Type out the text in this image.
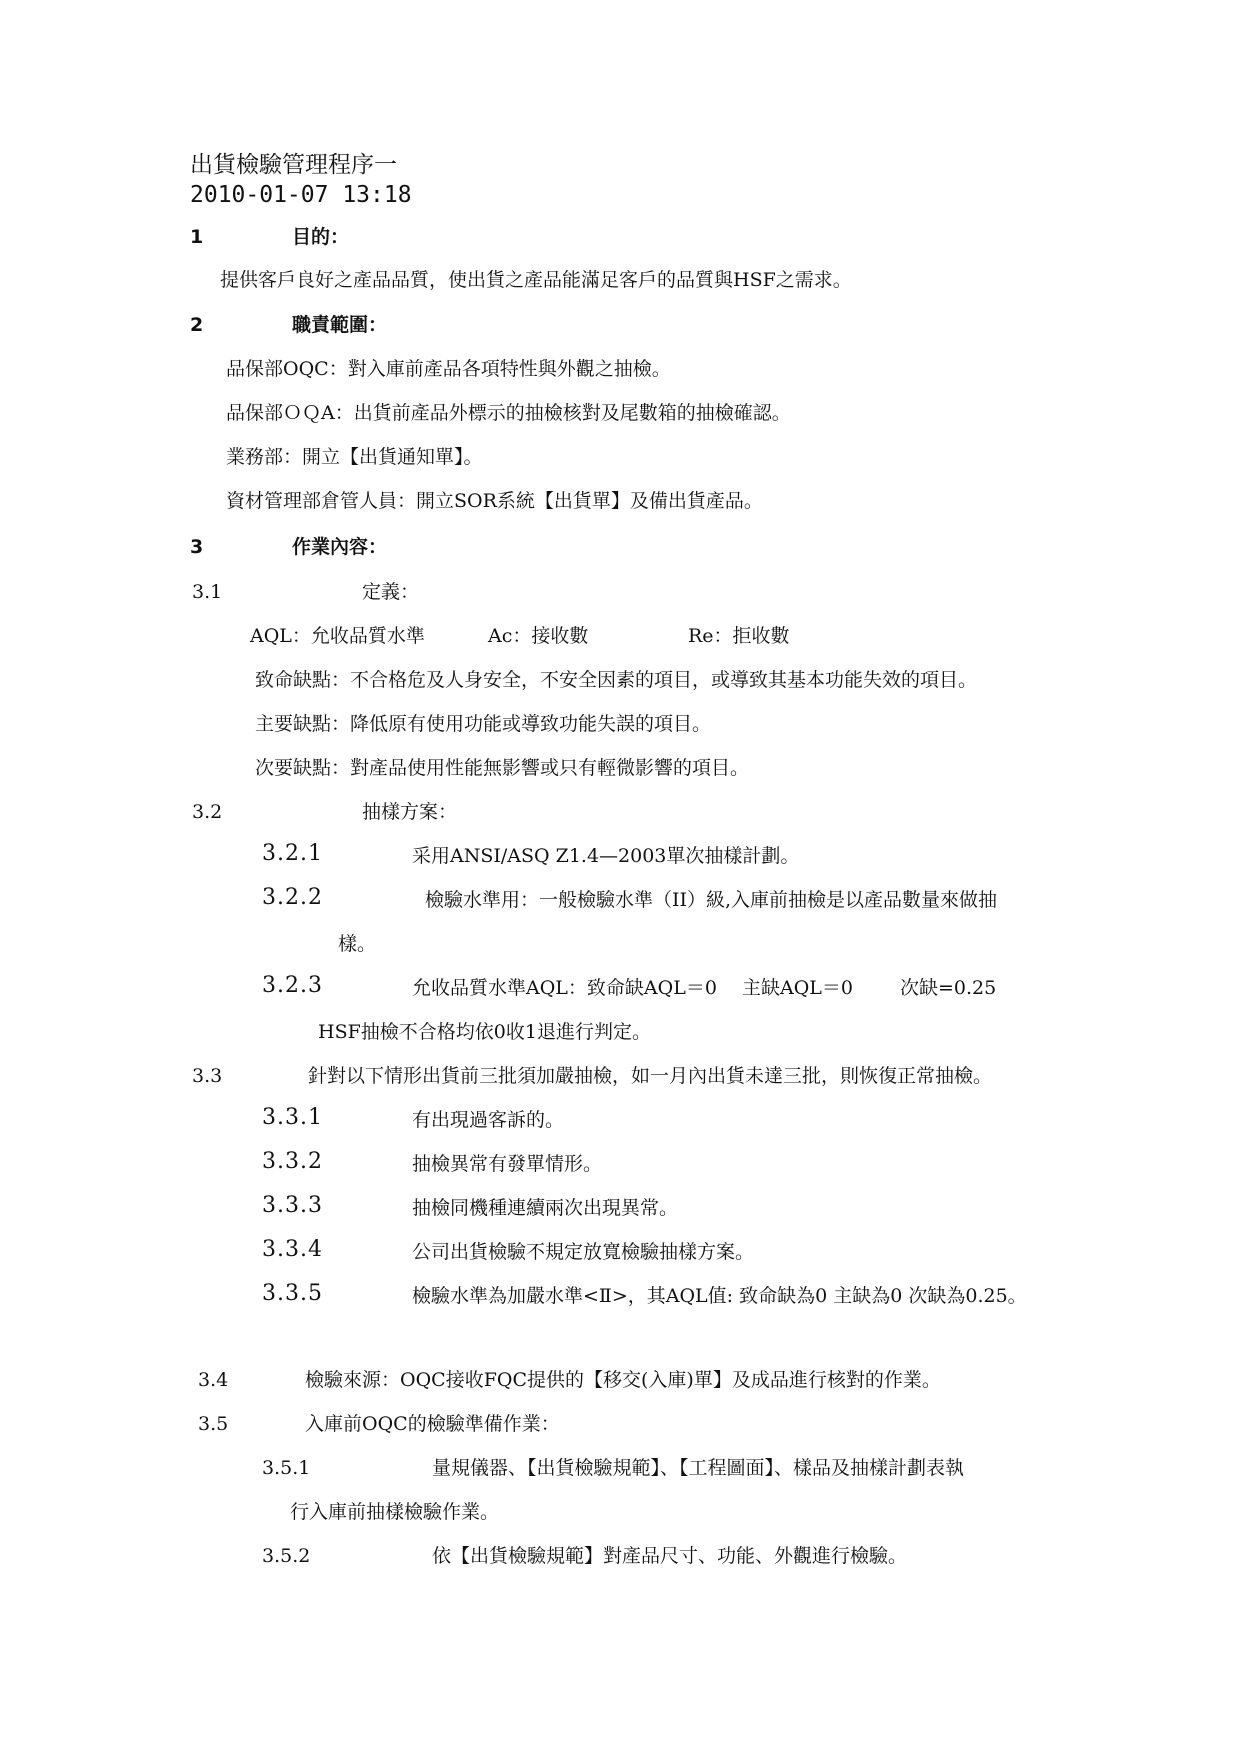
出貨檢驗管理程序一
2010-01-07 13:18
1	目的：
提供客戶良好之產品品質，使出貨之產品能滿足客戶的品質與HSF之需求。
2	職責範圍：
品保部OQC：對入庫前產品各項特性與外觀之抽檢。
品保部ＯＱA：出貨前產品外標示的抽檢核對及尾數箱的抽檢確認。
業務部：開立【出貨通知單】。
資材管理部倉管人員：開立SOR系統【出貨單】及備出貨產品。
3	作業內容：
3.1	定義：
AQL：允收品質水準	Ac：接收數	Re：拒收數
致命缺點：不合格危及人身安全，不安全因素的項目，或導致其基本功能失效的項目。
主要缺點：降低原有使用功能或導致功能失誤的項目。
次要缺點：對產品使用性能無影響或只有輕微影響的項目。
3.2	抽樣方案：
3.2.1	采用ANSI/ASQ Z1.4—2003單次抽樣計劃。
3.2.2	檢驗水準用：一般檢驗水準（II）級,入庫前抽檢是以產品數量來做抽
樣。
3.2.3	允收品質水準AQL：致命缺AQL＝0 主缺AQL＝0 次缺=0.25
HSF抽檢不合格均依0收1退進行判定。
3.3	針對以下情形出貨前三批須加嚴抽檢，如一月內出貨未達三批，則恢復正常抽檢。
3.3.1	有出現過客訴的。
3.3.2	抽檢異常有發單情形。
3.3.3	抽檢同機種連續兩次出現異常。
3.3.4	公司出貨檢驗不規定放寬檢驗抽樣方案。
3.3.5	檢驗水準為加嚴水準<Ⅱ>，其AQL值: 致命缺為0 主缺為0 次缺為0.25。
3.4	檢驗來源：OQC接收FQC提供的【移交(入庫)單】及成品進行核對的作業。
3.5	入庫前OQC的檢驗準備作業：
3.5.1	量規儀器、【出貨檢驗規範】、【工程圖面】、樣品及抽樣計劃表執
行入庫前抽樣檢驗作業。
3.5.2	依【出貨檢驗規範】對產品尺寸、功能、外觀進行檢驗。
